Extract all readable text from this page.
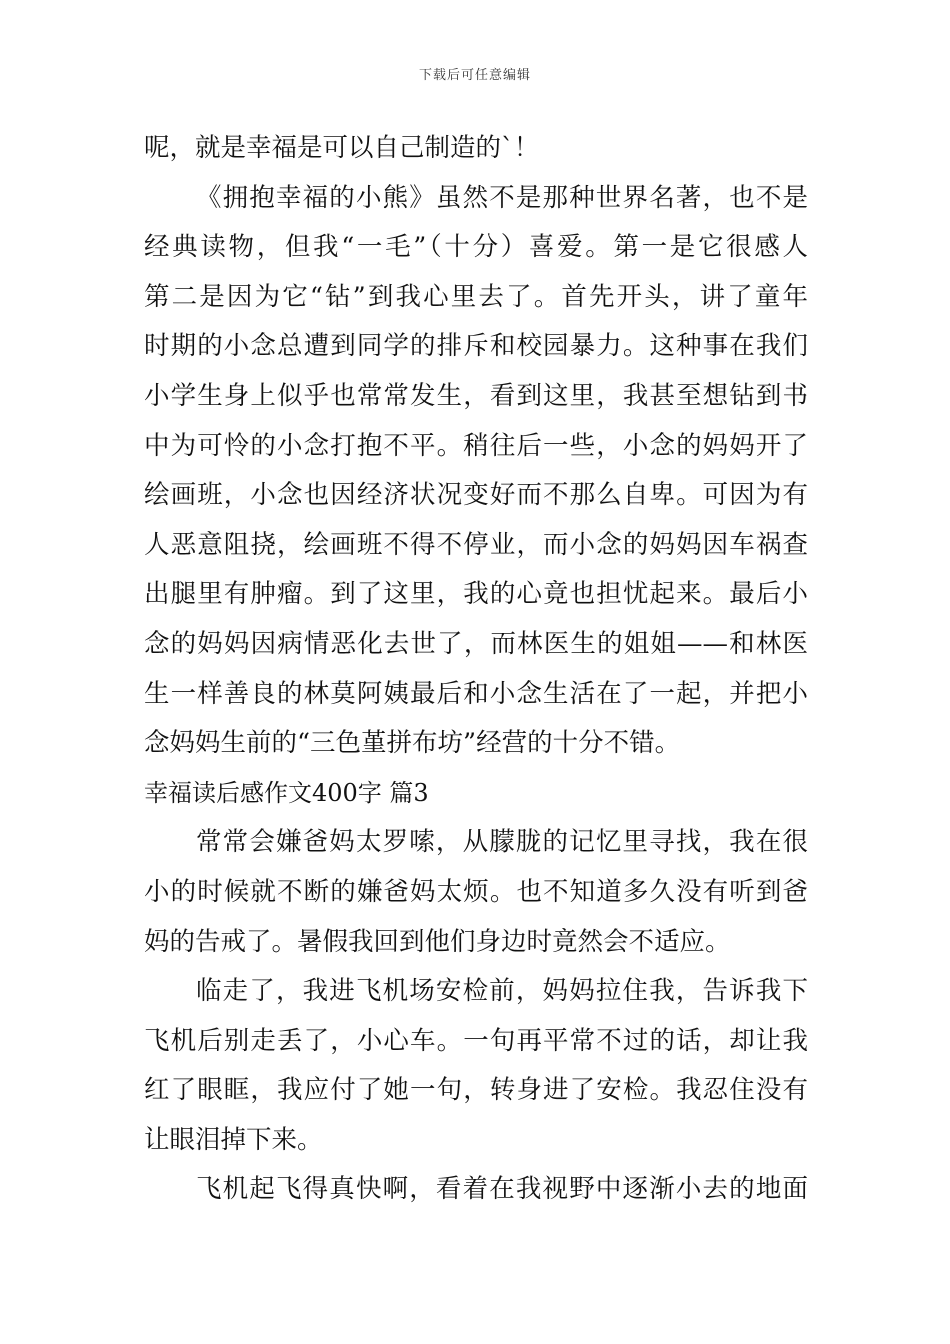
下载后可任意编辑
呢，就是幸福是可以自己制造的`！
《拥抱幸福的小熊》虽然不是那种世界名著，也不是
经典读物，但我“一毛”（十分）喜爱。第一是它很感人
第二是因为它“钻”到我心里去了。首先开头，讲了童年
时期的小念总遭到同学的排斥和校园暴力。这种事在我们
小学生身上似乎也常常发生，看到这里，我甚至想钻到书
中为可怜的小念打抱不平。稍往后一些，小念的妈妈开了
绘画班，小念也因经济状况变好而不那么自卑。可因为有
人恶意阻挠，绘画班不得不停业，而小念的妈妈因车祸查
出腿里有肿瘤。到了这里，我的心竟也担忧起来。最后小
念的妈妈因病情恶化去世了，而林医生的姐姐——和林医
生一样善良的林莫阿姨最后和小念生活在了一起，并把小
念妈妈生前的“三色堇拼布坊”经营的十分不错。
幸福读后感作文400字 篇3
常常会嫌爸妈太罗嗦，从朦胧的记忆里寻找，我在很
小的时候就不断的嫌爸妈太烦。也不知道多久没有听到爸
妈的告戒了。暑假我回到他们身边时竟然会不适应。
临走了，我进飞机场安检前，妈妈拉住我，告诉我下
飞机后别走丢了，小心车。一句再平常不过的话，却让我
红了眼眶，我应付了她一句，转身进了安检。我忍住没有
让眼泪掉下来。
飞机起飞得真快啊，看着在我视野中逐渐小去的地面
